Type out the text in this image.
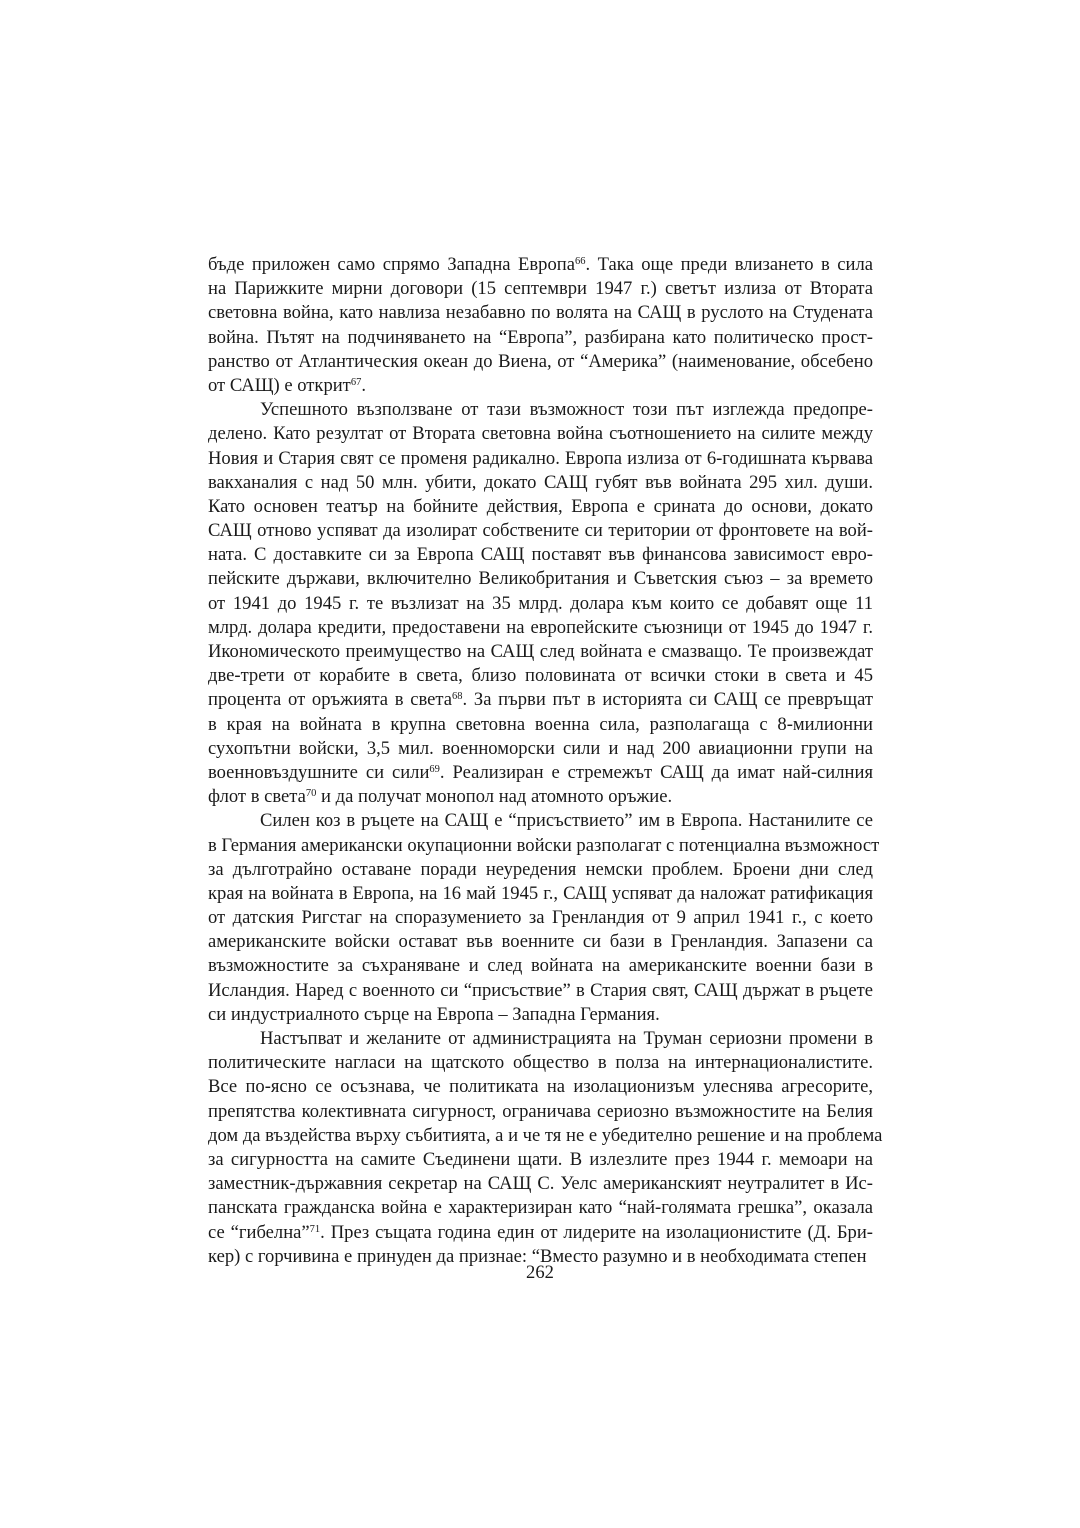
бъде приложен само спрямо Западна Европа$^{66}$. Така още преди влизането в сила
на Парижките мирни договори (15 септември 1947 г.) светът излиза от Втората
световна война, като навлиза незабавно по волята на САЩ в руслото на Студената
война. Пътят на подчиняването на “Европа”, разбирана като политическо прост-
ранство от Атлантическия океан до Виена, от “Америка” (наименование, обсебено
от САЩ) е открит$^{67}$.
Успешното възползване от тази възможност този път изглежда предопре-
делено. Като резултат от Втората световна война съотношението на силите между
Новия и Стария свят се променя радикално. Европа излиза от 6-годишната кървава
вакханалия с над 50 млн. убити, докато САЩ губят във войната 295 хил. души.
Като основен театър на бойните действия, Европа е срината до основи, докато
САЩ отново успяват да изолират собствените си територии от фронтовете на вой-
ната. С доставките си за Европа САЩ поставят във финансова зависимост евро-
пейските държави, включително Великобритания и Съветския съюз – за времето
от 1941 до 1945 г. те възлизат на 35 млрд. долара към които се добавят още 11
млрд. долара кредити, предоставени на европейските съюзници от 1945 до 1947 г.
Икономическото преимущество на САЩ след войната е смазващо. Те произвеждат
две-трети от корабите в света, близо половината от всички стоки в света и 45
процента от оръжията в света$^{68}$. За първи път в историята си САЩ се превръщат
в края на войната в крупна световна военна сила, разполагаща с 8-милионни
сухопътни войски, 3,5 мил. военноморски сили и над 200 авиационни групи на
военновъздушните си сили$^{69}$. Реализиран е стремежът САЩ да имат най-силния
флот в света$^{70}$ и да получат монопол над атомното оръжие.
Силен коз в ръцете на САЩ е “присъствието” им в Европа. Настанилите се
в Германия американски окупационни войски разполагат с потенциална възможност
за дълготрайно оставане поради неуредения немски проблем. Броени дни след
края на войната в Европа, на 16 май 1945 г., САЩ успяват да наложат ратификация
от датския Ригстаг на споразумението за Гренландия от 9 април 1941 г., с което
американските войски остават във военните си бази в Гренландия. Запазени са
възможностите за съхраняване и след войната на американските военни бази в
Исландия. Наред с военното си “присъствие” в Стария свят, САЩ държат в ръцете
си индустриалното сърце на Европа – Западна Германия.
Настъпват и желаните от администрацията на Труман сериозни промени в
политическите нагласи на щатското общество в полза на интернационалистите.
Все по-ясно се осъзнава, че политиката на изолационизъм улеснява агресорите,
препятства колективната сигурност, ограничава сериозно възможностите на Белия
дом да въздейства върху събитията, а и че тя не е убедително решение и на проблема
за сигурността на самите Съединени щати. В излезлите през 1944 г. мемоари на
заместник-държавния секретар на САЩ С. Уелс американският неутралитет в Ис-
панската гражданска война е характеризиран като “най-голямата грешка”, оказала
се “гибелна”$^{71}$. През същата година един от лидерите на изолационистите (Д. Бри-
кер) с горчивина е принуден да признае: “Вместо разумно и в необходимата степен
262
